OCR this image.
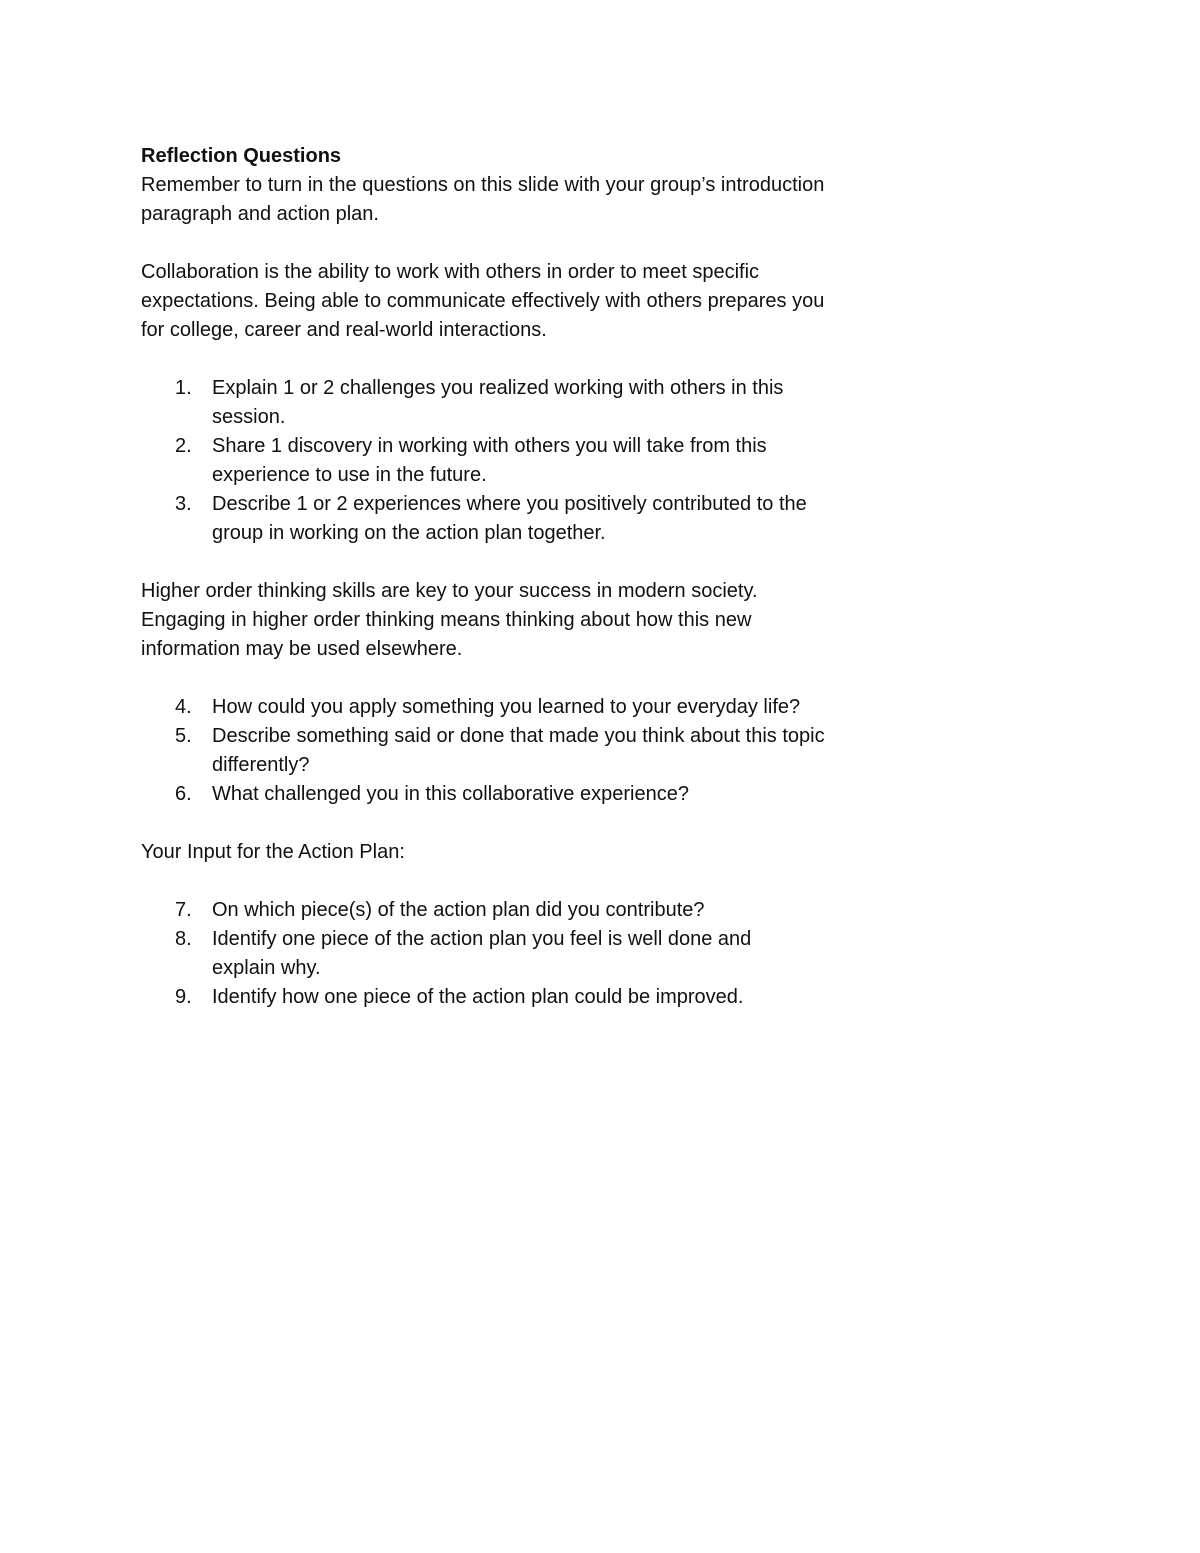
Reflection Questions

Remember to turn in the questions on this slide with your group’s introduction paragraph and action plan.

Collaboration is the ability to work with others in order to meet specific expectations. Being able to communicate effectively with others prepares you for college, career and real-world interactions.

1. Explain 1 or 2 challenges you realized working with others in this session.
2. Share 1 discovery in working with others you will take from this experience to use in the future.
3. Describe 1 or 2 experiences where you positively contributed to the group in working on the action plan together.

Higher order thinking skills are key to your success in modern society. Engaging in higher order thinking means thinking about how this new information may be used elsewhere.

4. How could you apply something you learned to your everyday life?
5. Describe something said or done that made you think about this topic differently?
6. What challenged you in this collaborative experience?

Your Input for the Action Plan:

7. On which piece(s) of the action plan did you contribute?
8. Identify one piece of the action plan you feel is well done and explain why.
9. Identify how one piece of the action plan could be improved.
